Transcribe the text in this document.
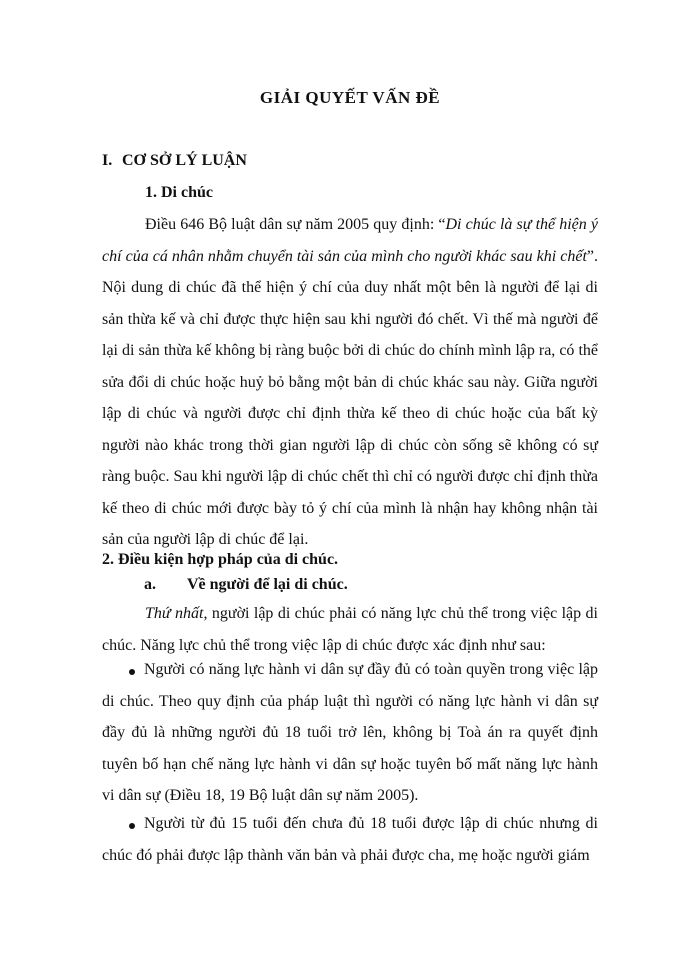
GIẢI QUYẾT VẤN ĐỀ
I. CƠ SỞ LÝ LUẬN
1. Di chúc

Điều 646 Bộ luật dân sự năm 2005 quy định: “Di chúc là sự thể hiện ý chí của cá nhân nhằm chuyển tài sản của mình cho người khác sau khi chết”. Nội dung di chúc đã thể hiện ý chí của duy nhất một bên là người để lại di sản thừa kế và chỉ được thực hiện sau khi người đó chết. Vì thế mà người để lại di sản thừa kế không bị ràng buộc bởi di chúc do chính mình lập ra, có thể sửa đổi di chúc hoặc huỷ bỏ bằng một bản di chúc khác sau này. Giữa người lập di chúc và người được chỉ định thừa kế theo di chúc hoặc của bất kỳ người nào khác trong thời gian người lập di chúc còn sống sẽ không có sự ràng buộc. Sau khi người lập di chúc chết thì chỉ có người được chỉ định thừa kế theo di chúc mới được bày tỏ ý chí của mình là nhận hay không nhận tài sản của người lập di chúc để lại.

2. Điều kiện hợp pháp của di chúc.
a. Về người để lại di chúc.

Thứ nhất, người lập di chúc phải có năng lực chủ thể trong việc lập di chúc. Năng lực chủ thể trong việc lập di chúc được xác định như sau:

Người có năng lực hành vi dân sự đầy đủ có toàn quyền trong việc lập di chúc. Theo quy định của pháp luật thì người có năng lực hành vi dân sự đầy đủ là những người đủ 18 tuổi trở lên, không bị Toà án ra quyết định tuyên bố hạn chế năng lực hành vi dân sự hoặc tuyên bố mất năng lực hành vi dân sự (Điều 18, 19 Bộ luật dân sự năm 2005).

Người từ đủ 15 tuổi đến chưa đủ 18 tuổi được lập di chúc nhưng di chúc đó phải được lập thành văn bản và phải được cha, mẹ hoặc người giám
